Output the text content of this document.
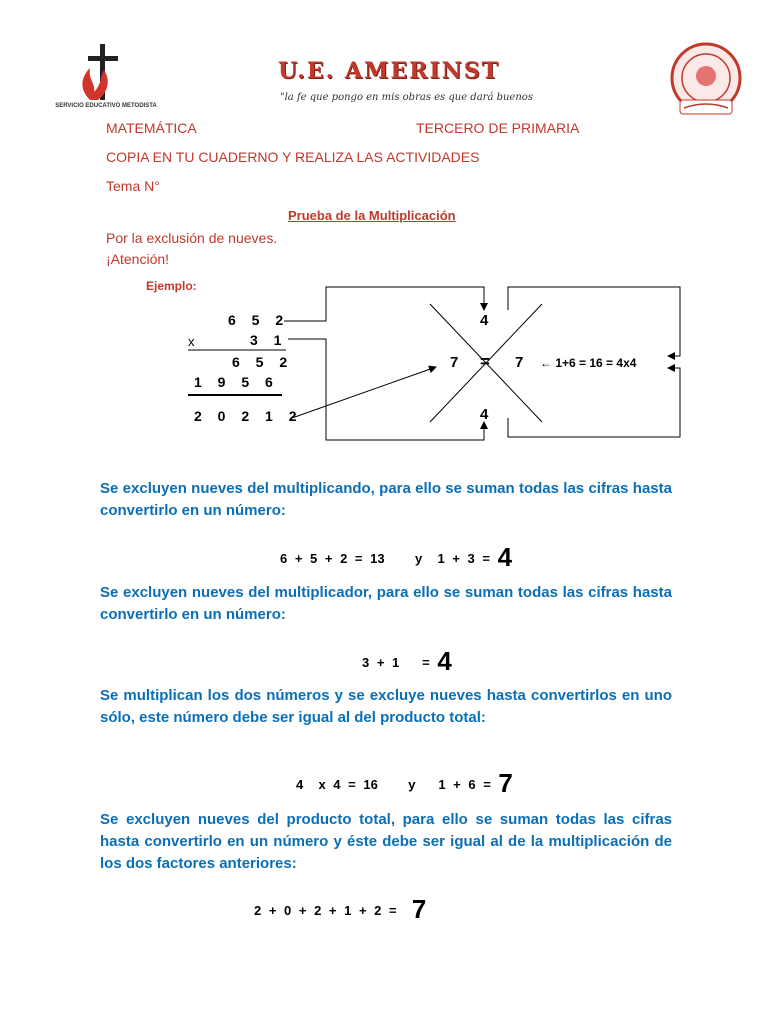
SERVICIO EDUCATIVO METODISTA
U.E. AMERINST
"la fe que pongo en mis obras es que dará buenos
MATEMÁTICA	TERCERO DE PRIMARIA
COPIA EN TU CUADERNO Y REALIZA LAS ACTIVIDADES
Tema N°
Prueba de la Multiplicación
Por la exclusión de nueves.
¡Atención!
Ejemplo:
6 5 2
x	3 1
6 5 2
1 9 5 6
2 0 2 1 2
4
7 = 7
4
← 1+6 = 16 = 4x4
Se excluyen nueves del multiplicando, para ello se suman todas las cifras hasta convertirlo en un número:
6 + 5 + 2 = 13    y  1 + 3 = 4
Se excluyen nueves del multiplicador, para ello se suman todas las cifras hasta convertirlo en un número:
3 + 1   = 4
Se multiplican los dos números y se excluye nueves hasta convertirlos en uno sólo, este número debe ser igual al del producto total:
4  x 4 = 16    y   1 + 6 = 7
Se excluyen nueves del producto total, para ello se suman todas las cifras hasta convertirlo en un número y éste debe ser igual al de la multiplicación de los dos factores anteriores:
2 + 0 + 2 + 1 + 2 =  7
